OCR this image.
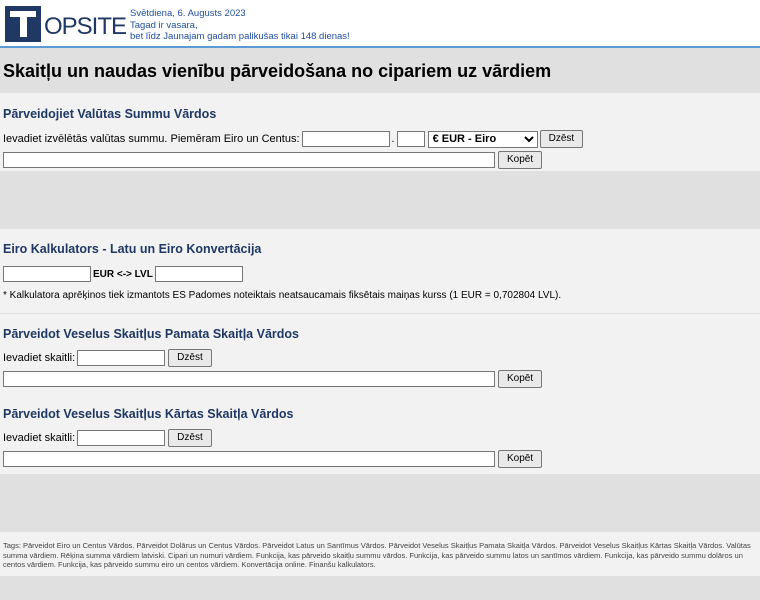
OPSITE Svētdiena, 6. Augusts 2023
Tagad ir vasara,
bet līdz Jaunajam gadam palikušas tikai 148 dienas!
Skaitļu un naudas vienību pārveidošana no cipariem uz vārdiem
Pārveidojiet Valūtas Summu Vārdos
Ievadiet izvēlētās valūtas summu. Piemēram Eiro un Centus:	.
€ EUR - Eiro	Dzēst
Kopēt
Eiro Kalkulators - Latu un Eiro Konvertācija
EUR <-> LVL
* Kalkulatora aprēķinos tiek izmantots ES Padomes noteiktais neatsaucamais fiksētais maiņas kurss (1 EUR = 0,702804 LVL).
Pārveidot Veselus Skaitļus Pamata Skaitļa Vārdos
Ievadiet skaitli:	Dzēst
Kopēt
Pārveidot Veselus Skaitļus Kārtas Skaitļa Vārdos
Ievadiet skaitli:	Dzēst
Kopēt
Tags: Pārveidot Eiro un Centus Vārdos. Pārveidot Dolārus un Centus Vārdos. Pārveidot Latus un Santīmus Vārdos. Pārveidot Veselus Skaitļus Pamata Skaitļa Vārdos. Pārveidot Veselus Skaitļus Kārtas Skaitļa Vārdos. Valūtas summa vārdiem. Rēķina summa vārdiem latviski. Cipari un numuri vārdiem. Funkcija, kas pārveido skaitļu summu vārdos. Funkcija, kas pārveido summu latos un santīmos vārdiem. Funkcija, kas pārveido summu dolāros un centos vārdiem. Funkcija, kas pārveido summu eiro un centos vārdiem. Konvertācija online. Finanšu kalkulators.
